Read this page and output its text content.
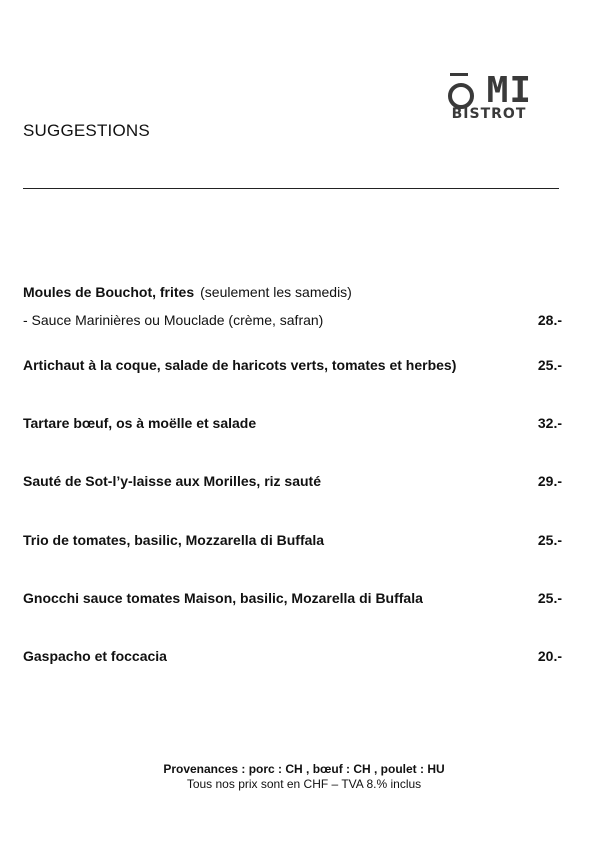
MI
BISTROT
SUGGESTIONS
Moules de Bouchot, frites (seulement les samedis)
- Sauce Marinières ou Mouclade (crème, safran)	28.-
Artichaut à la coque, salade de haricots verts, tomates et herbes)	25.-
Tartare bœuf, os à moëlle et salade	32.-
Sauté de Sot-l’y-laisse aux Morilles, riz sauté	29.-
Trio de tomates, basilic, Mozzarella di Buffala	25.-
Gnocchi sauce tomates Maison, basilic, Mozarella di Buffala	25.-
Gaspacho et foccacia	20.-
Provenances : porc : CH , bœuf : CH , poulet : HU
Tous nos prix sont en CHF – TVA 8.% inclus
